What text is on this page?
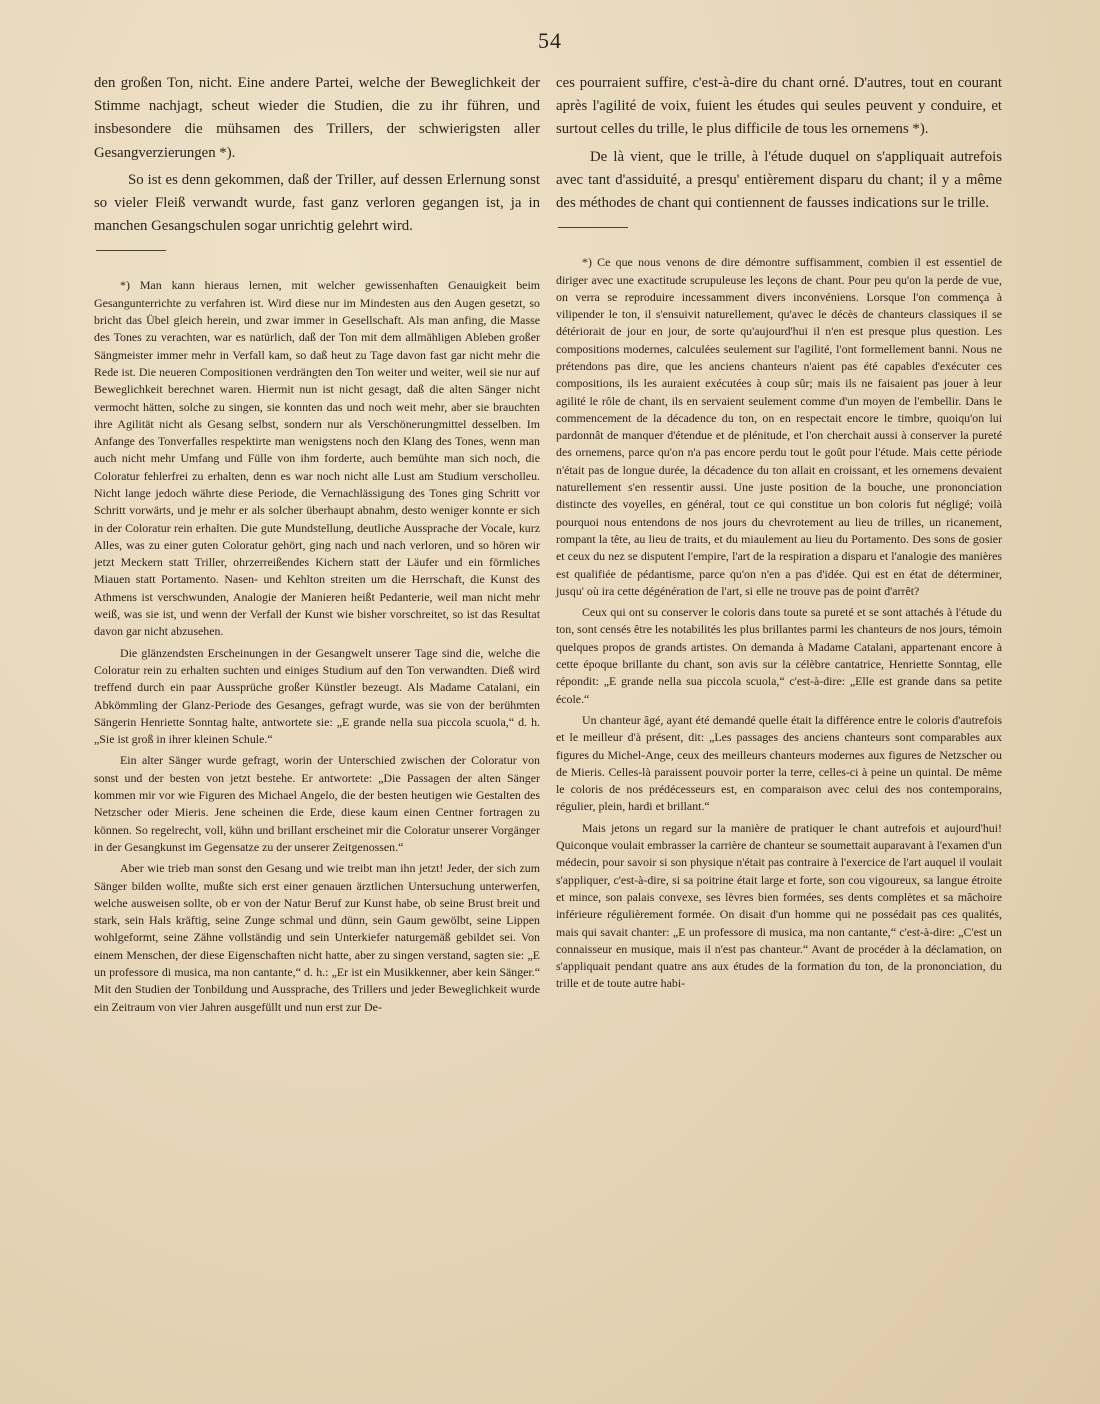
54

den großen Ton, nicht. Eine andere Partei, welche der Beweglichkeit der Stimme nachjagt, scheut wieder die Studien, die zu ihr führen, und insbesondere die mühsamen des Trillers, der schwierigsten aller Gesangverzierungen *).

So ist es denn gekommen, daß der Triller, auf dessen Erlernung sonst so vieler Fleiß verwandt wurde, fast ganz verloren gegangen ist, ja in manchen Gesangschulen sogar unrichtig gelehrt wird.

*) Man kann hieraus lernen, mit welcher gewissenhaften Genauigkeit beim Gesangunterrichte zu verfahren ist. Wird diese nur im Mindesten aus den Augen gesetzt, so bricht das Übel gleich herein, und zwar immer in Gesellschaft. Als man anfing, die Masse des Tones zu verachten, war es natürlich, daß der Ton mit dem allmähligen Ableben großer Sängmeister immer mehr in Verfall kam, so daß heut zu Tage davon fast gar nicht mehr die Rede ist. Die neueren Compositionen verdrängten den Ton weiter und weiter, weil sie nur auf Beweglichkeit berechnet waren. Hiermit nun ist nicht gesagt, daß die alten Sänger nicht vermocht hätten, solche zu singen, sie konnten das und noch weit mehr, aber sie brauchten ihre Agilität nicht als Gesang selbst, sondern nur als Verschönerungmittel desselben. Im Anfange des Tonverfalles respektirte man wenigstens noch den Klang des Tones, wenn man auch nicht mehr Umfang und Fülle von ihm forderte, auch bemühte man sich noch, die Coloratur fehlerfrei zu erhalten, denn es war noch nicht alle Lust am Studium verscholleu. Nicht lange jedoch währte diese Periode, die Vernachlässigung des Tones ging Schritt vor Schritt vorwärts, und je mehr er als solcher überhaupt abnahm, desto weniger konnte er sich in der Coloratur rein erhalten. Die gute Mundstellung, deutliche Aussprache der Vocale, kurz Alles, was zu einer guten Coloratur gehört, ging nach und nach verloren, und so hören wir jetzt Meckern statt Triller, ohrzerreißendes Kichern statt der Läufer und ein förmliches Miauen statt Portamento. Nasen- und Kehlton streiten um die Herrschaft, die Kunst des Athmens ist verschwunden, Analogie der Manieren heißt Pedanterie, weil man nicht mehr weiß, was sie ist, und wenn der Verfall der Kunst wie bisher vorschreitet, so ist das Resultat davon gar nicht abzusehen.

Die glänzendsten Erscheinungen in der Gesangwelt unserer Tage sind die, welche die Coloratur rein zu erhalten suchten und einiges Studium auf den Ton verwandten. Dieß wird treffend durch ein paar Aussprüche großer Künstler bezeugt. Als Madame Catalani, ein Abkömmling der Glanz-Periode des Gesanges, gefragt wurde, was sie von der berühmten Sängerin Henriette Sonntag halte, antwortete sie: „E grande nella sua piccola scuola,“ d. h. „Sie ist groß in ihrer kleinen Schule.“

Ein alter Sänger wurde gefragt, worin der Unterschied zwischen der Coloratur von sonst und der besten von jetzt bestehe. Er antwortete: „Die Passagen der alten Sänger kommen mir vor wie Figuren des Michael Angelo, die der besten heutigen wie Gestalten des Netzscher oder Mieris. Jene scheinen die Erde, diese kaum einen Centner fortragen zu können. So regelrecht, voll, kühn und brillant erscheinet mir die Coloratur unserer Vorgänger in der Gesangkunst im Gegensatze zu der unserer Zeitgenossen.“

Aber wie trieb man sonst den Gesang und wie treibt man ihn jetzt! Jeder, der sich zum Sänger bilden wollte, mußte sich erst einer genauen ärztlichen Untersuchung unterwerfen, welche ausweisen sollte, ob er von der Natur Beruf zur Kunst habe, ob seine Brust breit und stark, sein Hals kräftig, seine Zunge schmal und dünn, sein Gaum gewölbt, seine Lippen wohlgeformt, seine Zähne vollständig und sein Unterkiefer naturgemäß gebildet sei. Von einem Menschen, der diese Eigenschaften nicht hatte, aber zu singen verstand, sagten sie: „E un professore di musica, ma non cantante,“ d. h.: „Er ist ein Musikkenner, aber kein Sänger.“ Mit den Studien der Tonbildung und Aussprache, des Trillers und jeder Beweglichkeit wurde ein Zeitraum von vier Jahren ausgefüllt und nun erst zur De-

ces pourraient suffire, c'est-à-dire du chant orné. D'autres, tout en courant après l'agilité de voix, fuient les études qui seules peuvent y conduire, et surtout celles du trille, le plus difficile de tous les ornemens *).

De là vient, que le trille, à l'étude duquel on s'appliquait autrefois avec tant d'assiduité, a presqu' entièrement disparu du chant; il y a même des méthodes de chant qui contiennent de fausses indications sur le trille.

*) Ce que nous venons de dire démontre suffisamment, combien il est essentiel de diriger avec une exactitude scrupuleuse les leçons de chant. Pour peu qu'on la perde de vue, on verra se reproduire incessamment divers inconvéniens. Lorsque l'on commença à vilipender le ton, il s'ensuivit naturellement, qu'avec le décès de chanteurs classiques il se détériorait de jour en jour, de sorte qu'aujourd'hui il n'en est presque plus question. Les compositions modernes, calculées seulement sur l'agilité, l'ont formellement banni. Nous ne prétendons pas dire, que les anciens chanteurs n'aient pas été capables d'exécuter ces compositions, ils les auraient exécutées à coup sûr; mais ils ne faisaient pas jouer à leur agilité le rôle de chant, ils en servaient seulement comme d'un moyen de l'embellir. Dans le commencement de la décadence du ton, on en respectait encore le timbre, quoiqu'on lui pardonnât de manquer d'étendue et de plénitude, et l'on cherchait aussi à conserver la pureté des ornemens, parce qu'on n'a pas encore perdu tout le goût pour l'étude. Mais cette période n'était pas de longue durée, la décadence du ton allait en croissant, et les ornemens devaient naturellement s'en ressentir aussi. Une juste position de la bouche, une prononciation distincte des voyelles, en général, tout ce qui constitue un bon coloris fut négligé; voilà pourquoi nous entendons de nos jours du chevrotement au lieu de trilles, un ricanement, rompant la tête, au lieu de traits, et du miaulement au lieu du Portamento. Des sons de gosier et ceux du nez se disputent l'empire, l'art de la respiration a disparu et l'analogie des manières est qualifiée de pédantisme, parce qu'on n'en a pas d'idée. Qui est en état de déterminer, jusqu' où ira cette dégénération de l'art, si elle ne trouve pas de point d'arrêt?

Ceux qui ont su conserver le coloris dans toute sa pureté et se sont attachés à l'étude du ton, sont censés être les notabilités les plus brillantes parmi les chanteurs de nos jours, témoin quelques propos de grands artistes. On demanda à Madame Catalani, appartenant encore à cette époque brillante du chant, son avis sur la célèbre cantatrice, Henriette Sonntag, elle répondit: „E grande nella sua piccola scuola,“ c'est-à-dire: „Elle est grande dans sa petite école.“

Un chanteur âgé, ayant été demandé quelle était la différence entre le coloris d'autrefois et le meilleur d'à présent, dit: „Les passages des anciens chanteurs sont comparables aux figures du Michel-Ange, ceux des meilleurs chanteurs modernes aux figures de Netzscher ou de Mieris. Celles-là paraissent pouvoir porter la terre, celles-ci à peine un quintal. De même le coloris de nos prédécesseurs est, en comparaison avec celui des nos contemporains, régulier, plein, hardi et brillant.“

Mais jetons un regard sur la manière de pratiquer le chant autrefois et aujourd'hui! Quiconque voulait embrasser la carrière de chanteur se soumettait auparavant à l'examen d'un médecin, pour savoir si son physique n'était pas contraire à l'exercice de l'art auquel il voulait s'appliquer, c'est-à-dire, si sa poitrine était large et forte, son cou vigoureux, sa langue étroite et mince, son palais convexe, ses lèvres bien formées, ses dents complètes et sa mâchoire inférieure régulièrement formée. On disait d'un homme qui ne possédait pas ces qualités, mais qui savait chanter: „E un professore di musica, ma non cantante,“ c'est-à-dire: „C'est un connaisseur en musique, mais il n'est pas chanteur.“ Avant de procéder à la déclamation, on s'appliquait pendant quatre ans aux études de la formation du ton, de la prononciation, du trille et de toute autre habi-
